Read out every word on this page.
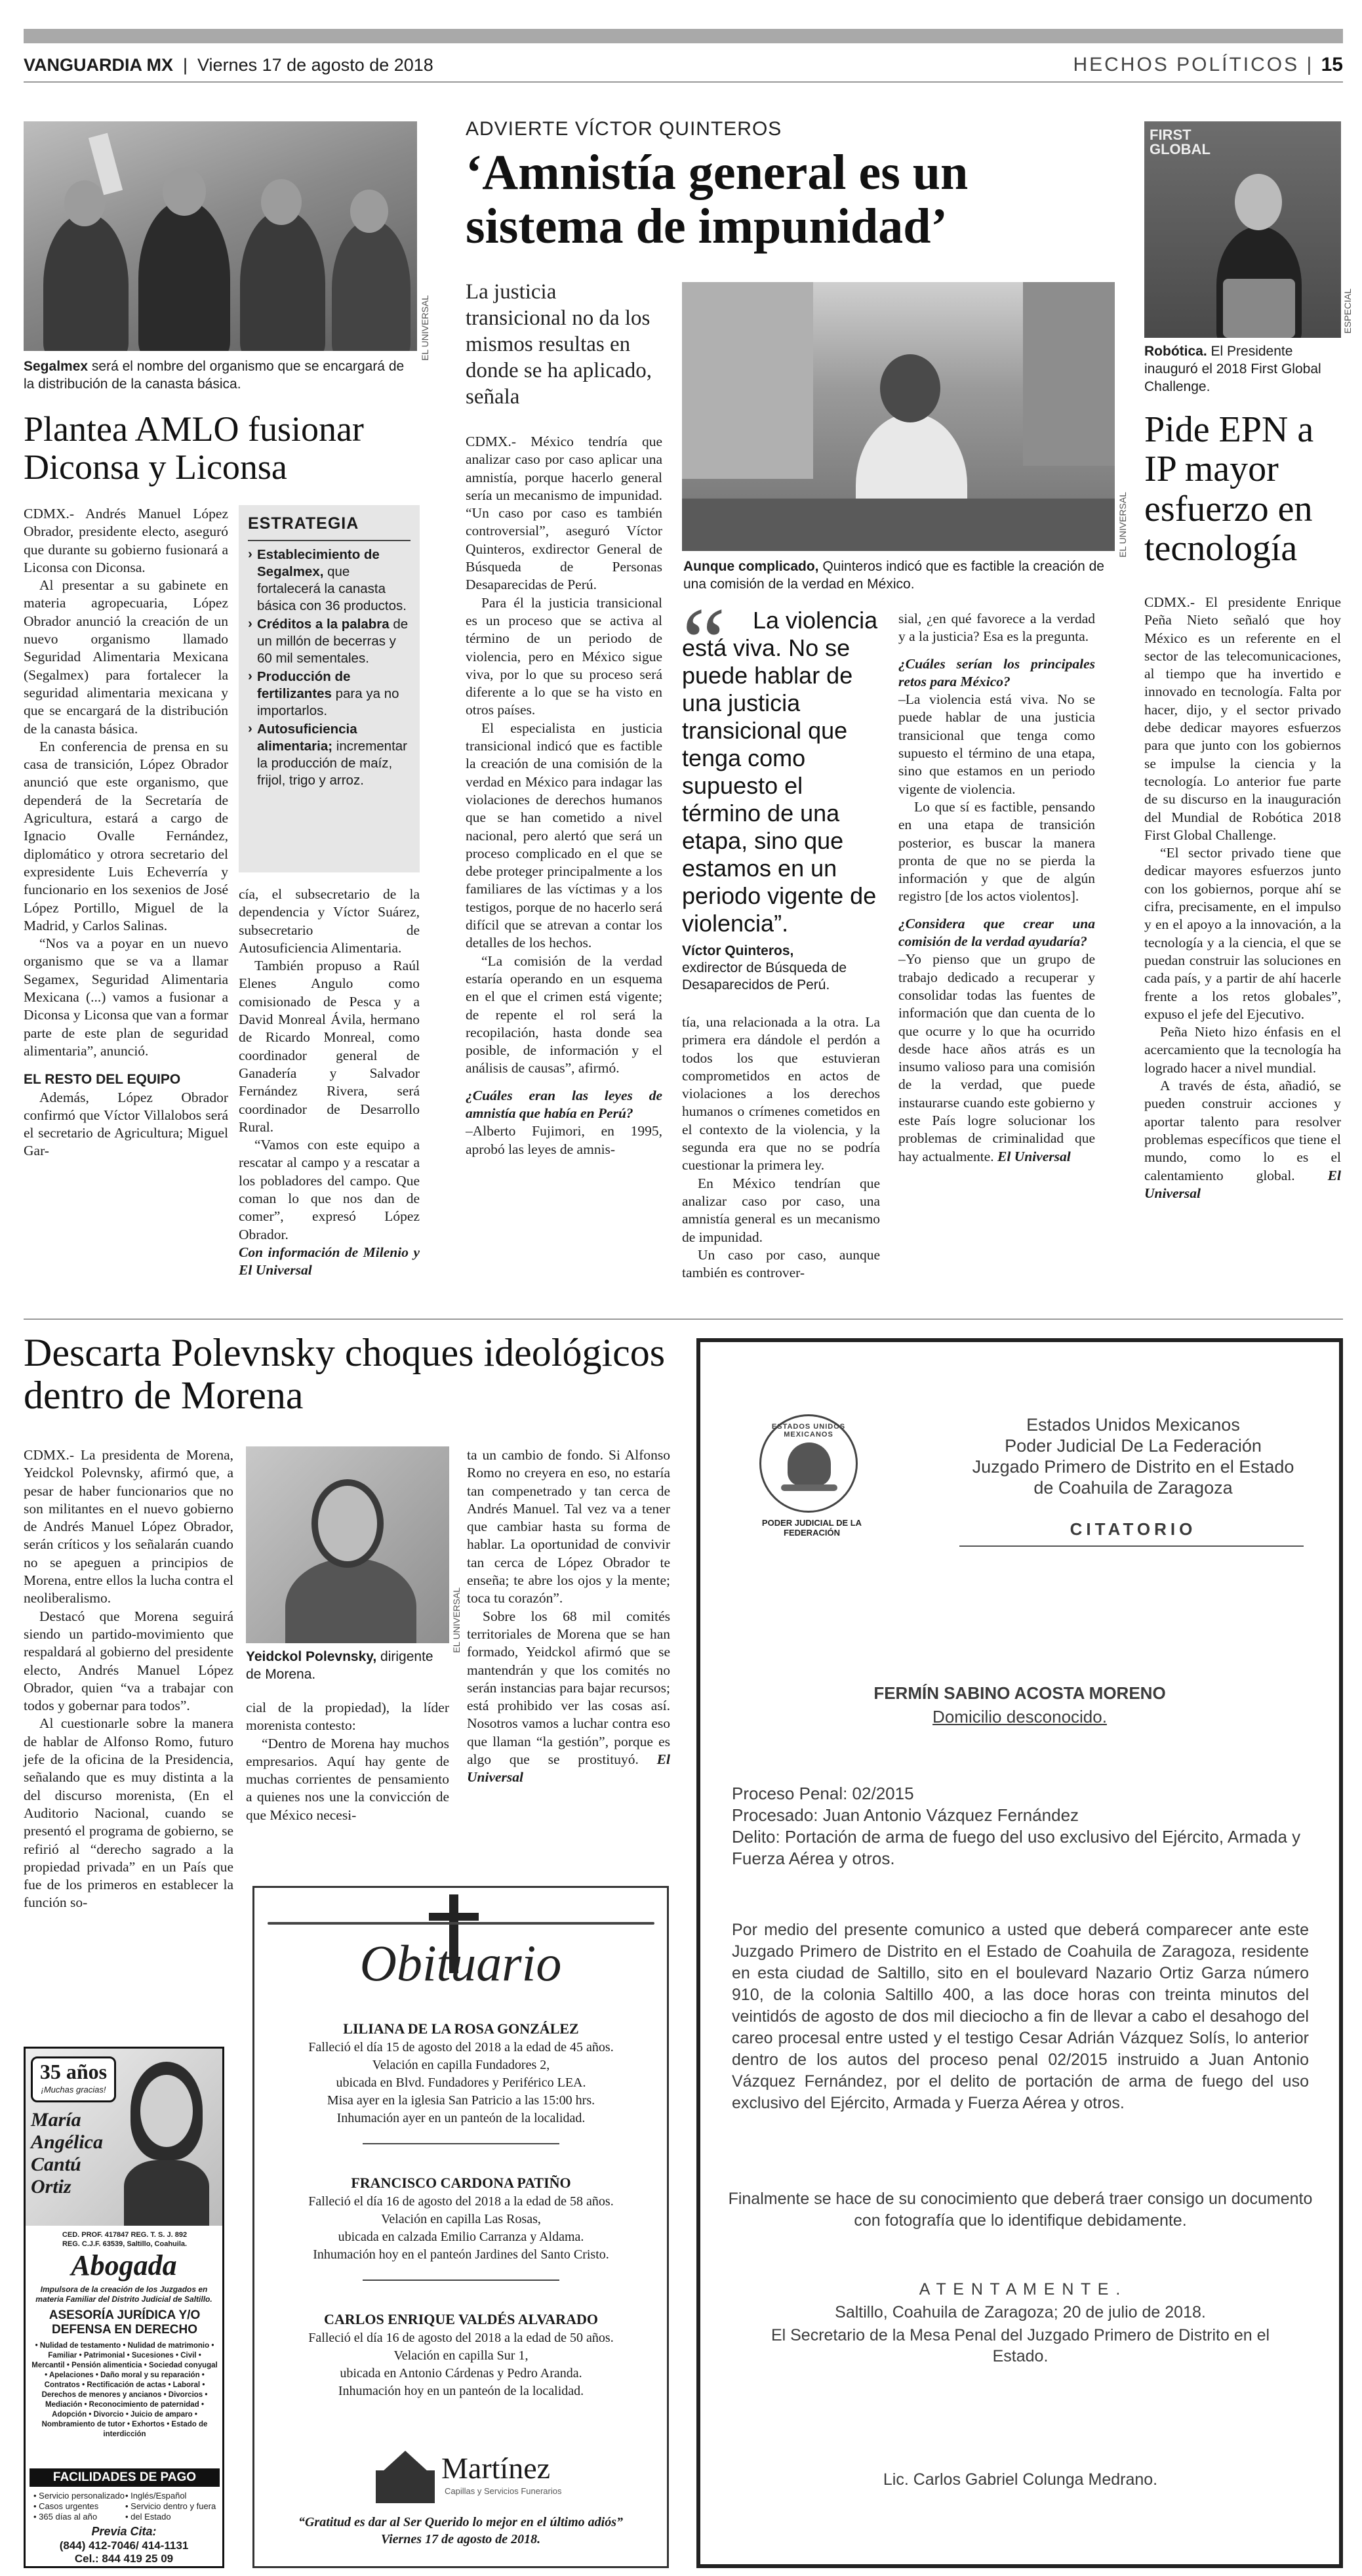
VANGUARDIA MX  |  Viernes 17 de agosto de 2018	HECHOS POLÍTICOS | 15
EL UNIVERSAL
Segalmex será el nombre del organismo que se encargará de la distribución de la canasta básica.
Plantea AMLO fusionar Diconsa y Liconsa

CDMX.- Andrés Manuel López Obrador, presidente electo, aseguró que durante su gobierno fusionará a Liconsa con Diconsa.

Al presentar a su gabinete en materia agropecuaria, López Obrador anunció la creación de un nuevo organismo llamado Seguridad Alimentaria Mexicana (Segalmex) para fortalecer la seguridad alimentaria mexicana y que se encargará de la distribución de la canasta básica.

En conferencia de prensa en su casa de transición, López Obrador anunció que este organismo, que dependerá de la Secretaría de Agricultura, estará a cargo de Ignacio Ovalle Fernández, diplomático y otrora secretario del expresidente Luis Echeverría y funcionario en los sexenios de José López Portillo, Miguel de la Madrid, y Carlos Salinas.

“Nos va a poyar en un nuevo organismo que se va a llamar Segamex, Seguridad Alimentaria Mexicana (...) vamos a fusionar a Diconsa y Liconsa que van a formar parte de este plan de seguridad alimentaria”, anunció.

EL RESTO DEL EQUIPO

Además, López Obrador confirmó que Víctor Villalobos será el secretario de Agricultura; Miguel Gar-

ESTRATEGIA
› Establecimiento de Segalmex, que fortalecerá la canasta básica con 36 productos.
› Créditos a la palabra de un millón de becerras y 60 mil sementales.
› Producción de fertilizantes para ya no importarlos.
› Autosuficiencia alimentaria; incrementar la producción de maíz, frijol, trigo y arroz.

cía, el subsecretario de la dependencia y Víctor Suárez, subsecretario de Autosuficiencia Alimentaria.

También propuso a Raúl Elenes Angulo como comisionado de Pesca y a David Monreal Ávila, hermano de Ricardo Monreal, como coordinador general de Ganadería y Salvador Fernández Rivera, será coordinador de Desarrollo Rural.

“Vamos con este equipo a rescatar al campo y a rescatar a los pobladores del campo. Que coman lo que nos dan de comer”, expresó López Obrador.

Con información de Milenio y El Universal

ADVIERTE VÍCTOR QUINTEROS
‘Amnistía general es un sistema de impunidad’
La justicia transicional no da los mismos resultas en donde se ha aplicado, señala
EL UNIVERSAL
Aunque complicado, Quinteros indicó que es factible la creación de una comisión de la verdad en México.

CDMX.- México tendría que analizar caso por caso aplicar una amnistía, porque hacerlo general sería un mecanismo de impunidad. “Un caso por caso es también controversial”, aseguró Víctor Quinteros, exdirector General de Búsqueda de Personas Desaparecidas de Perú.

Para él la justicia transicional es un proceso que se activa al término de un periodo de violencia, pero en México sigue viva, por lo que su proceso será diferente a lo que se ha visto en otros países.

El especialista en justicia transicional indicó que es factible la creación de una comisión de la verdad en México para indagar las violaciones de derechos humanos que se han cometido a nivel nacional, pero alertó que será un proceso complicado en el que se debe proteger principalmente a los familiares de las víctimas y a los testigos, porque de no hacerlo será difícil que se atrevan a contar los detalles de los hechos.

“La comisión de la verdad estaría operando en un esquema en el que el crimen está vigente; de repente el rol será la recopilación, hasta donde sea posible, de información y el análisis de causas”, afirmó.

¿Cuáles eran las leyes de amnistía que había en Perú?

–Alberto Fujimori, en 1995, aprobó las leyes de amnis-

“	La violencia está viva. No se puede hablar de una justicia transicional que tenga como supuesto el término de una etapa, sino que estamos en un periodo vigente de violencia”.
Víctor Quinteros,
exdirector de Búsqueda de Desaparecidos de Perú.

tía, una relacionada a la otra. La primera era dándole el perdón a todos los que estuvieran comprometidos en actos de violaciones a los derechos humanos o crímenes cometidos en el contexto de la violencia, y la segunda era que no se podría cuestionar la primera ley.

En México tendrían que analizar caso por caso, una amnistía general es un mecanismo de impunidad.

Un caso por caso, aunque también es controver-

sial, ¿en qué favorece a la verdad y a la justicia? Esa es la pregunta.

¿Cuáles serían los principales retos para México?

–La violencia está viva. No se puede hablar de una justicia transicional que tenga como supuesto el término de una etapa, sino que estamos en un periodo vigente de violencia.

Lo que sí es factible, pensando en una etapa de transición posterior, es buscar la manera pronta de que no se pierda la información y que de algún registro [de los actos violentos].

¿Considera que crear una comisión de la verdad ayudaría?

–Yo pienso que un grupo de trabajo dedicado a recuperar y consolidar todas las fuentes de información que dan cuenta de lo que ocurre y lo que ha ocurrido desde hace años atrás es un insumo valioso para una comisión de la verdad, que puede instaurarse cuando este gobierno y este País logre solucionar los problemas de criminalidad que hay actualmente. El Universal

FIRST GLOBAL
ESPECIAL
Robótica. El Presidente inauguró el 2018 First Global Challenge.
Pide EPN a IP mayor esfuerzo en tecnología

CDMX.- El presidente Enrique Peña Nieto señaló que hoy México es un referente en el sector de las telecomunicaciones, al tiempo que ha invertido e innovado en tecnología. Falta por hacer, dijo, y el sector privado debe dedicar mayores esfuerzos para que junto con los gobiernos se impulse la ciencia y la tecnología. Lo anterior fue parte de su discurso en la inauguración del Mundial de Robótica 2018 First Global Challenge.

“El sector privado tiene que dedicar mayores esfuerzos junto con los gobiernos, porque ahí se cifra, precisamente, en el impulso y en el apoyo a la innovación, a la tecnología y a la ciencia, el que se puedan construir las soluciones en cada país, y a partir de ahí hacerle frente a los retos globales”, expuso el jefe del Ejecutivo.

Peña Nieto hizo énfasis en el acercamiento que la tecnología ha logrado hacer a nivel mundial.

A través de ésta, añadió, se pueden construir acciones y aportar talento para resolver problemas específicos que tiene el mundo, como lo es el calentamiento global. El Universal

Descarta Polevnsky choques ideológicos dentro de Morena

CDMX.- La presidenta de Morena, Yeidckol Polevnsky, afirmó que, a pesar de haber funcionarios que no son militantes en el nuevo gobierno de Andrés Manuel López Obrador, serán críticos y los señalarán cuando no se apeguen a principios de Morena, entre ellos la lucha contra el neoliberalismo.

Destacó que Morena seguirá siendo un partido-movimiento que respaldará al gobierno del presidente electo, Andrés Manuel López Obrador, quien “va a trabajar con todos y gobernar para todos”.

Al cuestionarle sobre la manera de hablar de Alfonso Romo, futuro jefe de la oficina de la Presidencia, señalando que es muy distinta a la del discurso morenista, (En el Auditorio Nacional, cuando se presentó el programa de gobierno, se refirió al “derecho sagrado a la propiedad privada” en un País que fue de los primeros en establecer la función so-

EL UNIVERSAL
Yeidckol Polevnsky, dirigente de Morena.

cial de la propiedad), la líder morenista contesto:

“Dentro de Morena hay muchos empresarios. Aquí hay gente de muchas corrientes de pensamiento a quienes nos une la convicción de que México necesi-

ta un cambio de fondo. Si Alfonso Romo no creyera en eso, no estaría tan compenetrado y tan cerca de Andrés Manuel. Tal vez va a tener que cambiar hasta su forma de hablar. La oportunidad de convivir tan cerca de López Obrador te enseña; te abre los ojos y la mente; toca tu corazón”.

Sobre los 68 mil comités territoriales de Morena que se han formado, Yeidckol afirmó que se mantendrán y que los comités no serán instancias para bajar recursos; está prohibido ver las cosas así. Nosotros vamos a luchar contra eso que llaman “la gestión”, porque es algo que se prostituyó. El Universal

35 años
¡Muchas gracias!
María Angélica Cantú Ortiz
CED. PROF. 417847 REG. T. S. J. 892
REG. C.J.F. 63539, Saltillo, Coahuila.
Abogada
Impulsora de la creación de los Juzgados en materia Familiar del Distrito Judicial de Saltillo.
ASESORÍA JURÍDICA Y/O DEFENSA EN DERECHO
• Nulidad de testamento • Nulidad de matrimonio • Familiar • Patrimonial • Sucesiones • Civil • Mercantil • Pensión alimenticia • Sociedad conyugal • Apelaciones • Daño moral y su reparación • Contratos • Rectificación de actas • Laboral • Derechos de menores y ancianos • Divorcios • Mediación • Reconocimiento de paternidad • Adopción • Divorcio • Juicio de amparo • Nombramiento de tutor • Exhortos • Estado de interdicción
FACILIDADES DE PAGO
• Servicio personalizado • Inglés/Español
• Casos urgentes	• Servicio dentro y fuera
• 365 días al año	• del Estado
Previa Cita:
(844) 412-7046/ 414-1131
Cel.: 844 419 25 09
Obituario
LILIANA DE LA ROSA GONZÁLEZ
Falleció el día 15 de agosto del 2018 a la edad de 45 años.
Velación en capilla Fundadores 2,
ubicada en Blvd. Fundadores y Periférico LEA.
Misa ayer en la iglesia San Patricio a las 15:00 hrs.
Inhumación ayer en un panteón de la localidad.
FRANCISCO CARDONA PATIÑO
Falleció el día 16 de agosto del 2018 a la edad de 58 años.
Velación en capilla Las Rosas,
ubicada en calzada Emilio Carranza y Aldama.
Inhumación hoy en el panteón Jardines del Santo Cristo.
CARLOS ENRIQUE VALDÉS ALVARADO
Falleció el día 16 de agosto del 2018 a la edad de 50 años.
Velación en capilla Sur 1,
ubicada en Antonio Cárdenas y Pedro Aranda.
Inhumación hoy en un panteón de la localidad.
Martínez
Capillas y Servicios Funerarios
“Gratitud es dar al Ser Querido lo mejor en el último adiós”
Viernes 17 de agosto de 2018.
ESTADOS UNIDOS MEXICANOS
PODER JUDICIAL DE LA FEDERACIÓN
Estados Unidos Mexicanos
Poder Judicial De La Federación
Juzgado Primero de Distrito en el Estado
de Coahuila de Zaragoza
CITATORIO
FERMÍN SABINO ACOSTA MORENO
Domicilio desconocido.
Proceso Penal: 02/2015
Procesado: Juan Antonio Vázquez Fernández
Delito: Portación de arma de fuego del uso exclusivo del Ejército, Armada y Fuerza Aérea y otros.
Por medio del presente comunico a usted que deberá comparecer ante este Juzgado Primero de Distrito en el Estado de Coahuila de Zaragoza, residente en esta ciudad de Saltillo, sito en el boulevard Nazario Ortiz Garza número 910, de la colonia Saltillo 400, a las doce horas con treinta minutos del veintidós de agosto de dos mil dieciocho a fin de llevar a cabo el desahogo del careo procesal entre usted y el testigo Cesar Adrián Vázquez Solís, lo anterior dentro de los autos del proceso penal 02/2015 instruido a Juan Antonio Vázquez Fernández, por el delito de portación de arma de fuego del uso exclusivo del Ejército, Armada y Fuerza Aérea y otros.
Finalmente se hace de su conocimiento que deberá traer consigo un documento con fotografía que lo identifique debidamente.
A T E N T A M E N T E .
Saltillo, Coahuila de Zaragoza; 20 de julio de 2018.
El Secretario de la Mesa Penal del Juzgado Primero de Distrito en el Estado.
Lic. Carlos Gabriel Colunga Medrano.
